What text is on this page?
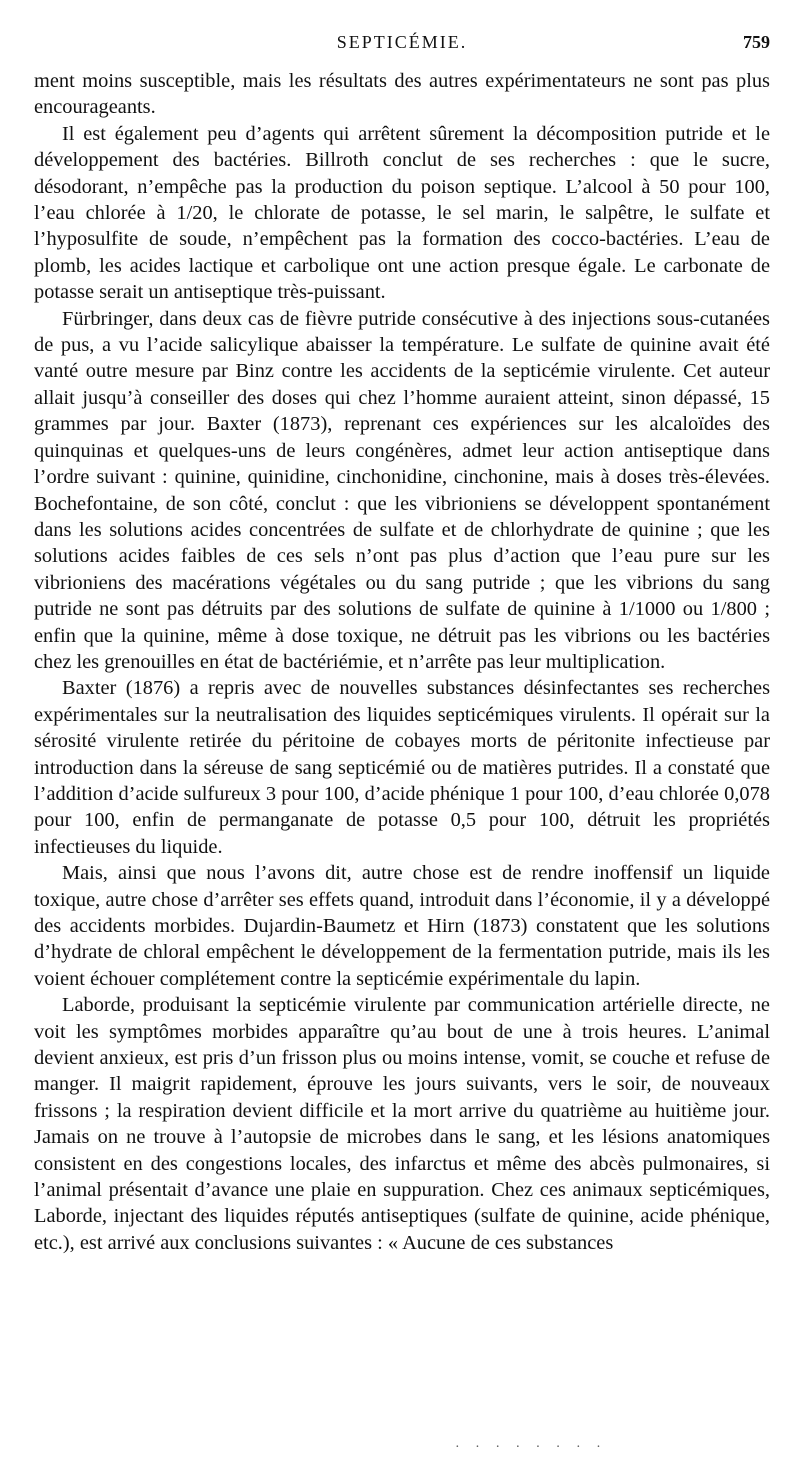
SEPTICÉMIE.	759

ment moins susceptible, mais les résultats des autres expérimentateurs ne sont pas plus encourageants.

Il est également peu d’agents qui arrêtent sûrement la décomposition putride et le développement des bactéries. Billroth conclut de ses recherches : que le sucre, désodorant, n’empêche pas la production du poison septique. L’alcool à 50 pour 100, l’eau chlorée à 1/20, le chlorate de potasse, le sel marin, le salpêtre, le sulfate et l’hyposulfite de soude, n’empêchent pas la formation des cocco-bactéries. L’eau de plomb, les acides lactique et carbolique ont une action presque égale. Le carbonate de potasse serait un antiseptique très-puissant.

Fürbringer, dans deux cas de fièvre putride consécutive à des injections sous-cutanées de pus, a vu l’acide salicylique abaisser la température. Le sulfate de quinine avait été vanté outre mesure par Binz contre les accidents de la septicémie virulente. Cet auteur allait jusqu’à conseiller des doses qui chez l’homme auraient atteint, sinon dépassé, 15 grammes par jour. Baxter (1873), reprenant ces expériences sur les alcaloïdes des quinquinas et quelques-uns de leurs congénères, admet leur action antiseptique dans l’ordre suivant : quinine, quinidine, cinchonidine, cinchonine, mais à doses très-élevées. Bochefontaine, de son côté, conclut : que les vibrioniens se développent spontanément dans les solutions acides concentrées de sulfate et de chlorhydrate de quinine ; que les solutions acides faibles de ces sels n’ont pas plus d’action que l’eau pure sur les vibrioniens des macérations végétales ou du sang putride ; que les vibrions du sang putride ne sont pas détruits par des solutions de sulfate de quinine à 1/1000 ou 1/800 ; enfin que la quinine, même à dose toxique, ne détruit pas les vibrions ou les bactéries chez les grenouilles en état de bactériémie, et n’arrête pas leur multiplication.

Baxter (1876) a repris avec de nouvelles substances désinfectantes ses recherches expérimentales sur la neutralisation des liquides septicémiques virulents. Il opérait sur la sérosité virulente retirée du péritoine de cobayes morts de péritonite infectieuse par introduction dans la séreuse de sang septicémié ou de matières putrides. Il a constaté que l’addition d’acide sulfureux 3 pour 100, d’acide phénique 1 pour 100, d’eau chlorée 0,078 pour 100, enfin de permanganate de potasse 0,5 pour 100, détruit les propriétés infectieuses du liquide.

Mais, ainsi que nous l’avons dit, autre chose est de rendre inoffensif un liquide toxique, autre chose d’arrêter ses effets quand, introduit dans l’économie, il y a développé des accidents morbides. Dujardin-Baumetz et Hirn (1873) constatent que les solutions d’hydrate de chloral empêchent le développement de la fermentation putride, mais ils les voient échouer complétement contre la septicémie expérimentale du lapin.

Laborde, produisant la septicémie virulente par communication artérielle directe, ne voit les symptômes morbides apparaître qu’au bout de une à trois heures. L’animal devient anxieux, est pris d’un frisson plus ou moins intense, vomit, se couche et refuse de manger. Il maigrit rapidement, éprouve les jours suivants, vers le soir, de nouveaux frissons ; la respiration devient difficile et la mort arrive du quatrième au huitième jour. Jamais on ne trouve à l’autopsie de microbes dans le sang, et les lésions anatomiques consistent en des congestions locales, des infarctus et même des abcès pulmonaires, si l’animal présentait d’avance une plaie en suppuration. Chez ces animaux septicémiques, Laborde, injectant des liquides réputés antiseptiques (sulfate de quinine, acide phénique, etc.), est arrivé aux conclusions suivantes : « Aucune de ces substances

· · · · · · · ·
